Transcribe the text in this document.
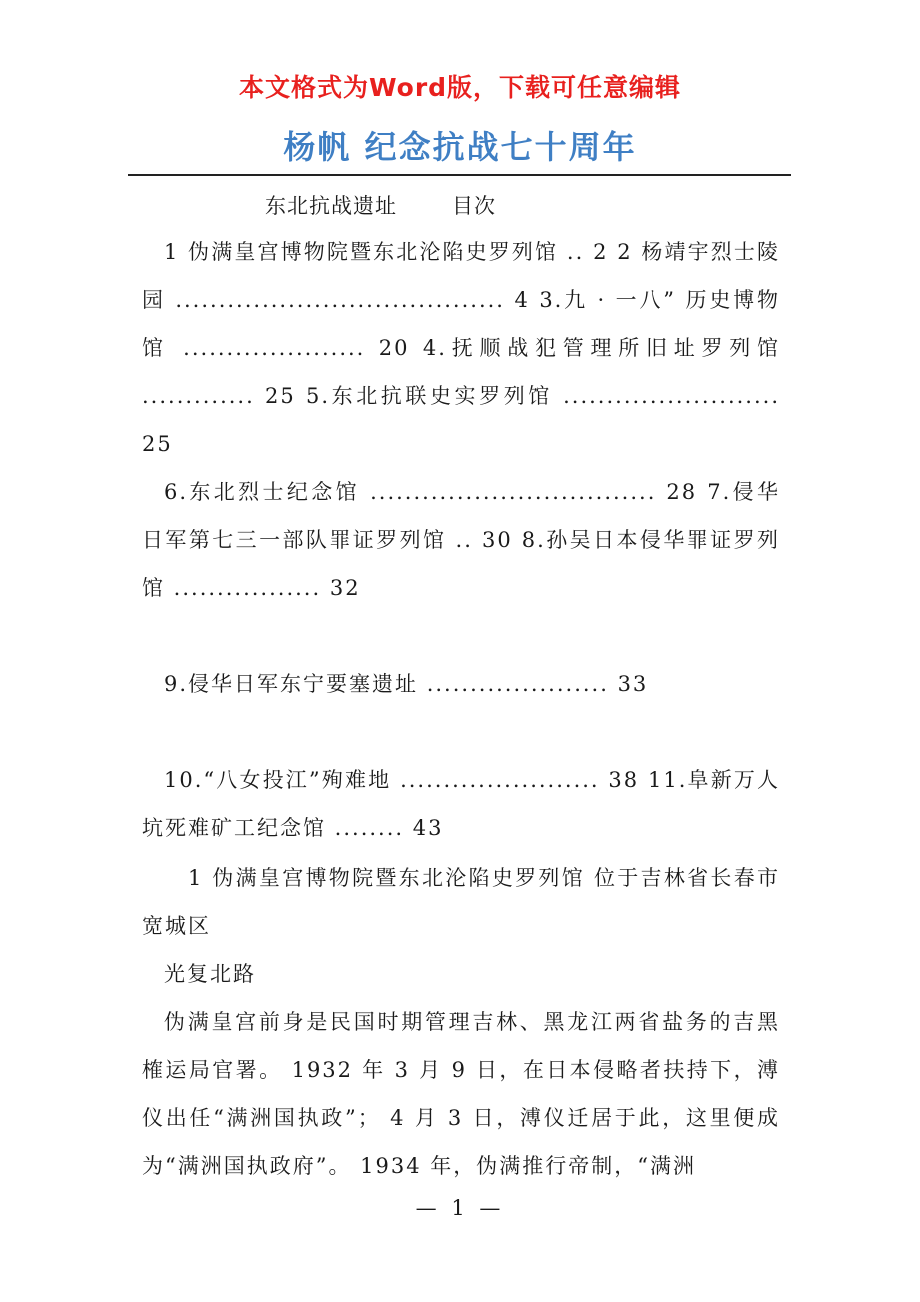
本文格式为Word版，下载可任意编辑
杨帆 纪念抗战七十周年
东北抗战遗址	目次

1 伪满皇宫博物院暨东北沦陷史罗列馆 .. 2 2 杨靖宇烈士陵园 ...................................... 4 3.九 · 一八” 历史博物馆 ..................... 20 4.抚顺战犯管理所旧址罗列馆 ............. 25 5.东北抗联史实罗列馆 ......................... 25

6.东北烈士纪念馆 ................................. 28 7.侵华日军第七三一部队罪证罗列馆 .. 30 8.孙吴日本侵华罪证罗列馆 ................. 32

9.侵华日军东宁要塞遗址 ..................... 33

10.“八女投江”殉难地 ....................... 38 11.阜新万人坑死难矿工纪念馆 ........ 43

1 伪满皇宫博物院暨东北沦陷史罗列馆 位于吉林省长春市宽城区

光复北路

伪满皇宫前身是民国时期管理吉林、黑龙江两省盐务的吉黑榷运局官署。 1932 年 3 月 9 日，在日本侵略者扶持下，溥仪出任“满洲国执政”； 4 月 3 日，溥仪迁居于此，这里便成为“满洲国执政府”。 1934 年，伪满推行帝制，“满洲

— 1 —
